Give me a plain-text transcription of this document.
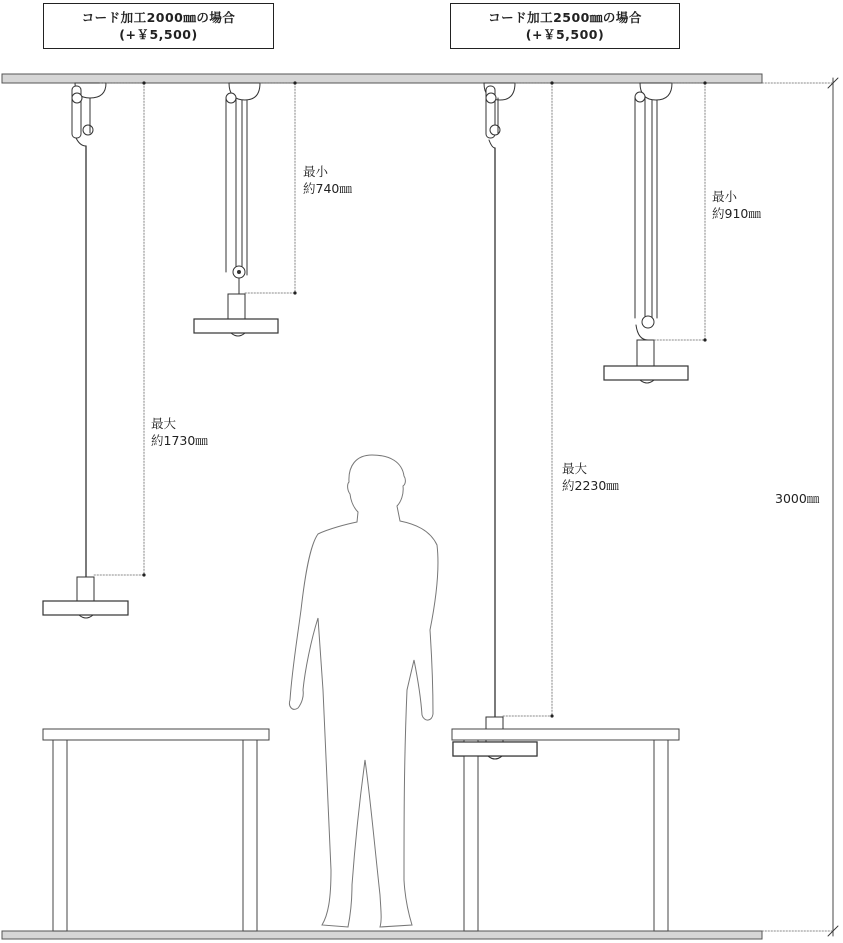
コード加工2000㎜の場合
(+￥5,500)
コード加工2500㎜の場合
(+￥5,500)
最小
約740㎜
最大
約1730㎜
最小
約910㎜
最大
約2230㎜
3000㎜
